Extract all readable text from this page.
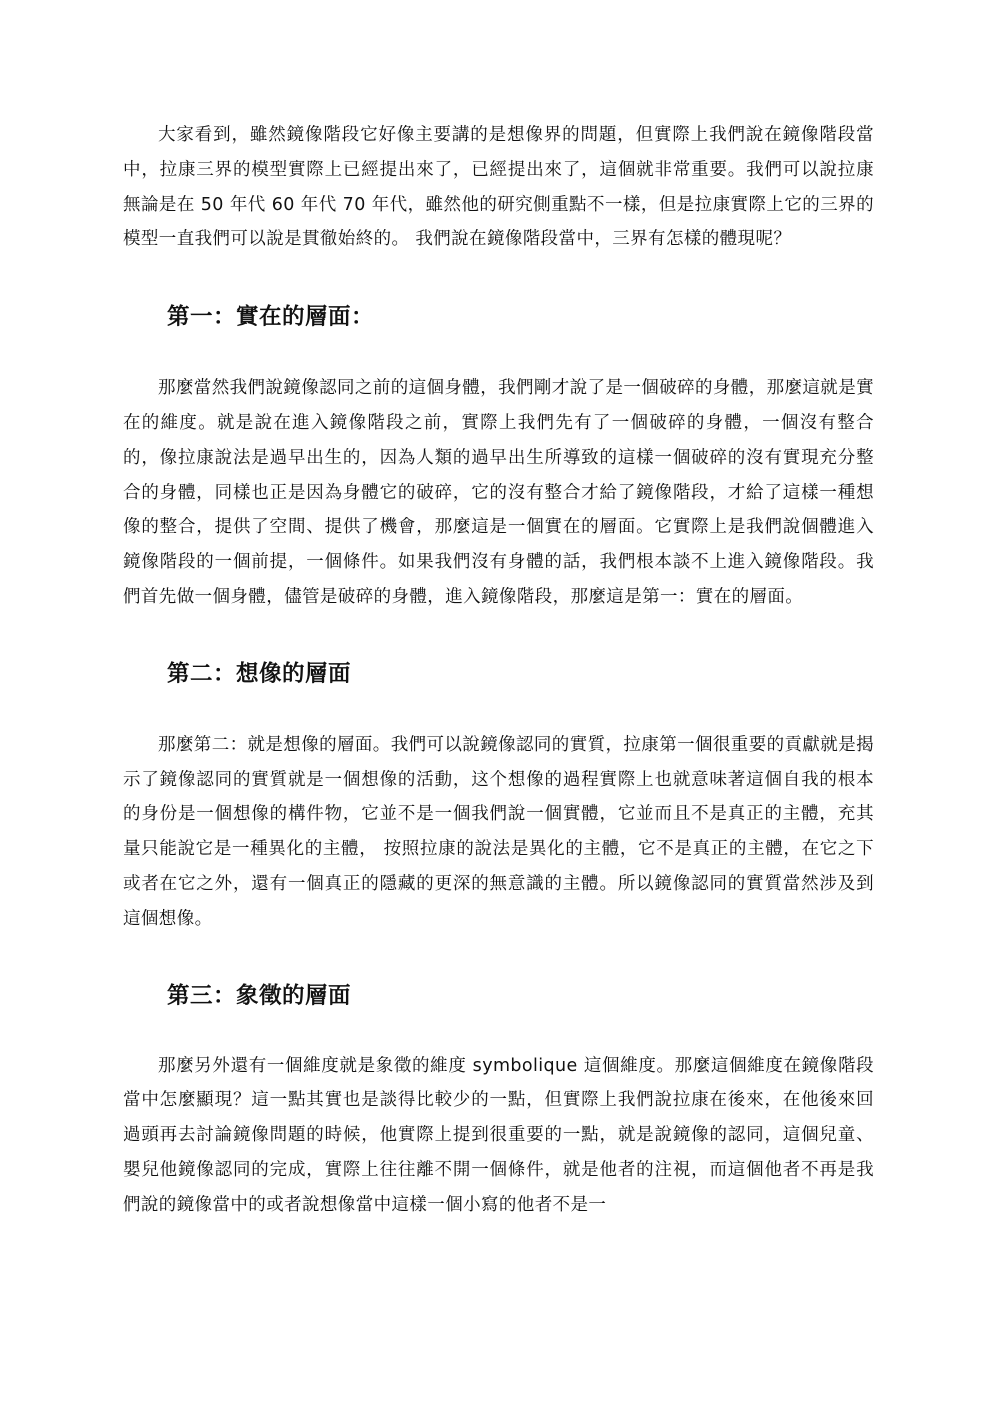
大家看到，雖然鏡像階段它好像主要講的是想像界的問題，但實際上我們說在鏡像階段當中，拉康三界的模型實際上已經提出來了，已經提出來了，這個就非常重要。我們可以說拉康無論是在 50 年代 60 年代 70 年代，雖然他的研究側重點不一樣，但是拉康實際上它的三界的模型一直我們可以說是貫徹始終的。 我們說在鏡像階段當中，三界有怎樣的體現呢？

第一：實在的層面：

那麼當然我們說鏡像認同之前的這個身體，我們剛才說了是一個破碎的身體，那麼這就是實在的維度。就是說在進入鏡像階段之前，實際上我們先有了一個破碎的身體，一個沒有整合的，像拉康說法是過早出生的，因為人類的過早出生所導致的這樣一個破碎的沒有實現充分整合的身體，同樣也正是因為身體它的破碎，它的沒有整合才給了鏡像階段，才給了這樣一種想像的整合，提供了空間、提供了機會，那麼這是一個實在的層面。它實際上是我們說個體進入鏡像階段的一個前提，一個條件。如果我們沒有身體的話，我們根本談不上進入鏡像階段。我們首先做一個身體，儘管是破碎的身體，進入鏡像階段，那麼這是第一：實在的層面。

第二：想像的層面

那麼第二：就是想像的層面。我們可以說鏡像認同的實質，拉康第一個很重要的貢獻就是揭示了鏡像認同的實質就是一個想像的活動，这个想像的過程實際上也就意味著這個自我的根本的身份是一個想像的構件物，它並不是一個我們說一個實體，它並而且不是真正的主體，充其量只能說它是一種異化的主體， 按照拉康的說法是異化的主體，它不是真正的主體，在它之下或者在它之外，還有一個真正的隱藏的更深的無意識的主體。所以鏡像認同的實質當然涉及到這個想像。

第三：象徵的層面

那麼另外還有一個維度就是象徵的維度 symbolique 這個維度。那麼這個維度在鏡像階段當中怎麼顯現？這一點其實也是談得比較少的一點，但實際上我們說拉康在後來，在他後來回過頭再去討論鏡像問題的時候，他實際上提到很重要的一點，就是說鏡像的認同，這個兒童、嬰兒他鏡像認同的完成，實際上往往離不開一個條件，就是他者的注視，而這個他者不再是我們說的鏡像當中的或者說想像當中這樣一個小寫的他者不是一
